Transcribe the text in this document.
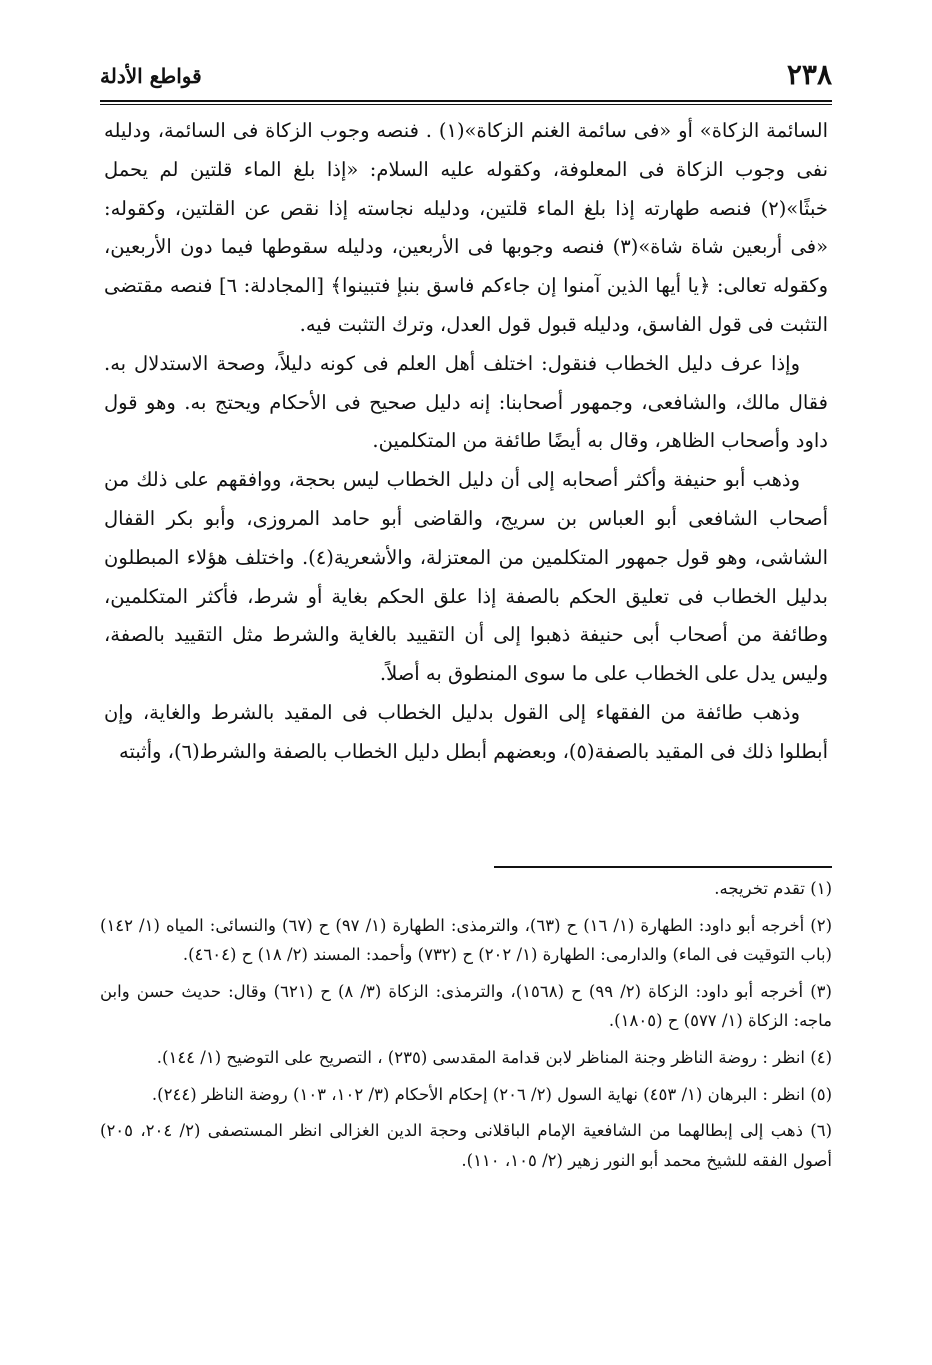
٢٣٨
قواطع الأدلة

السائمة الزكاة» أو «فى سائمة الغنم الزكاة»(١) . فنصه وجوب الزكاة فى السائمة، ودليله نفى وجوب الزكاة فى المعلوفة، وكقوله عليه السلام: «إذا بلغ الماء قلتين لم يحمل خبثًا»(٢) فنصه طهارته إذا بلغ الماء قلتين، ودليله نجاسته إذا نقص عن القلتين، وكقوله: «فى أربعين شاة شاة»(٣) فنصه وجوبها فى الأربعين، ودليله سقوطها فيما دون الأربعين، وكقوله تعالى: ﴿يا أيها الذين آمنوا إن جاءكم فاسق بنبإ فتبينوا﴾ [المجادلة: ٦] فنصه مقتضى التثبت فى قول الفاسق، ودليله قبول قول العدل، وترك التثبت فيه.

وإذا عرف دليل الخطاب فنقول: اختلف أهل العلم فى كونه دليلاً، وصحة الاستدلال به. فقال مالك، والشافعى، وجمهور أصحابنا: إنه دليل صحيح فى الأحكام ويحتج به. وهو قول داود وأصحاب الظاهر، وقال به أيضًا طائفة من المتكلمين.

وذهب أبو حنيفة وأكثر أصحابه إلى أن دليل الخطاب ليس بحجة، ووافقهم على ذلك من أصحاب الشافعى أبو العباس بن سريج، والقاضى أبو حامد المروزى، وأبو بكر القفال الشاشى، وهو قول جمهور المتكلمين من المعتزلة، والأشعرية(٤). واختلف هؤلاء المبطلون بدليل الخطاب فى تعليق الحكم بالصفة إذا علق الحكم بغاية أو شرط، فأكثر المتكلمين، وطائفة من أصحاب أبى حنيفة ذهبوا إلى أن التقييد بالغاية والشرط مثل التقييد بالصفة، وليس يدل على الخطاب على ما سوى المنطوق به أصلاً.

وذهب طائفة من الفقهاء إلى القول بدليل الخطاب فى المقيد بالشرط والغاية، وإن أبطلوا ذلك فى المقيد بالصفة(٥)، وبعضهم أبطل دليل الخطاب بالصفة والشرط(٦)، وأثبته

(١) تقدم تخريجه.

(٢) أخرجه أبو داود: الطهارة (١/ ١٦) ح (٦٣)، والترمذى: الطهارة (١/ ٩٧) ح (٦٧) والنسائى: المياه (١/ ١٤٢) (باب التوقيت فى الماء) والدارمى: الطهارة (١/ ٢٠٢) ح (٧٣٢) وأحمد: المسند (٢/ ١٨) ح (٤٦٠٤).

(٣) أخرجه أبو داود: الزكاة (٢/ ٩٩) ح (١٥٦٨)، والترمذى: الزكاة (٣/ ٨) ح (٦٢١) وقال: حديث حسن وابن ماجه: الزكاة (١/ ٥٧٧) ح (١٨٠٥).

(٤) انظر : روضة الناظر وجنة المناظر لابن قدامة المقدسى (٢٣٥) ، التصريح على التوضيح (١/ ١٤٤).

(٥) انظر : البرهان (١/ ٤٥٣) نهاية السول (٢/ ٢٠٦) إحكام الأحكام (٣/ ١٠٢، ١٠٣) روضة الناظر (٢٤٤).

(٦) ذهب إلى إبطالهما من الشافعية الإمام الباقلانى وحجة الدين الغزالى انظر المستصفى (٢/ ٢٠٤، ٢٠٥) أصول الفقه للشيخ محمد أبو النور زهير (٢/ ١٠٥، ١١٠).
